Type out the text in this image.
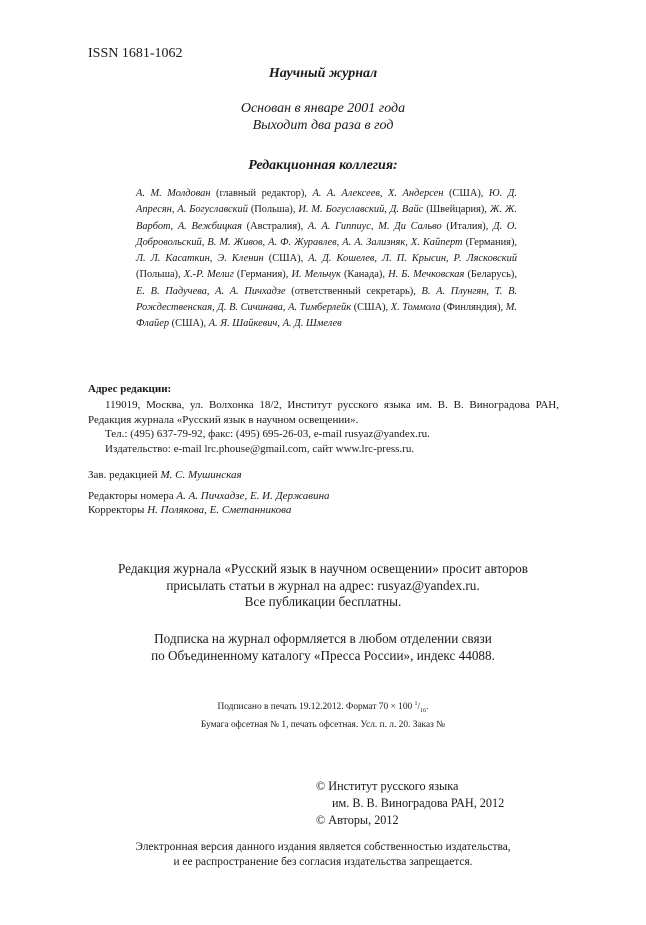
ISSN 1681-1062
Научный журнал
Основан в январе 2001 года
Выходит два раза в год
Редакционная коллегия:
А. М. Молдован (главный редактор), А. А. Алексеев, Х. Андерсен (США), Ю. Д. Апресян, А. Богуславский (Польша), И. М. Богуславский, Д. Вайс (Швейцария), Ж. Ж. Варбот, А. Вежбицкая (Австралия), А. А. Гиппиус, М. Ди Сальво (Италия), Д. О. Добровольский, В. М. Живов, А. Ф. Журавлев, А. А. Зализняк, Х. Кайперт (Германия), Л. Л. Касаткин, Э. Кленин (США), А. Д. Кошелев, Л. П. Крысин, Р. Лясковский (Польша), Х.-Р. Мелиг (Германия), И. Мельчук (Канада), Н. Б. Мечковская (Беларусь), Е. В. Падучева, А. А. Пичхадзе (ответственный секретарь), В. А. Плунгян, Т. В. Рождественская, Д. В. Сичинава, А. Тимберлейк (США), Х. Томмола (Финляндия), М. Флайер (США), А. Я. Шайкевич, А. Д. Шмелев
Адрес редакции:

119019, Москва, ул. Волхонка 18/2, Институт русского языка им. В. В. Виноградова РАН, Редакция журнала «Русский язык в научном освещении».

Тел.: (495) 637-79-92, факс: (495) 695-26-03, e-mail rusyaz@yandex.ru.

Издательство: e-mail lrc.phouse@gmail.com, сайт www.lrc-press.ru.

Зав. редакцией М. С. Мушинская
Редакторы номера А. А. Пичхадзе, Е. И. Державина
Корректоры Н. Полякова, Е. Сметанникова
Редакция журнала «Русский язык в научном освещении» просит авторов
присылать статьи в журнал на адрес: rusyaz@yandex.ru.
Все публикации бесплатны.
Подписка на журнал оформляется в любом отделении связи
по Объединенному каталогу «Пресса России», индекс 44088.
Подписано в печать 19.12.2012. Формат 70 × 100 $^1/_{16}$.
Бумага офсетная № 1, печать офсетная. Усл. п. л. 20. Заказ №
© Институт русского языка
им. В. В. Виноградова РАН, 2012
© Авторы, 2012
Электронная версия данного издания является собственностью издательства,
и ее распространение без согласия издательства запрещается.
